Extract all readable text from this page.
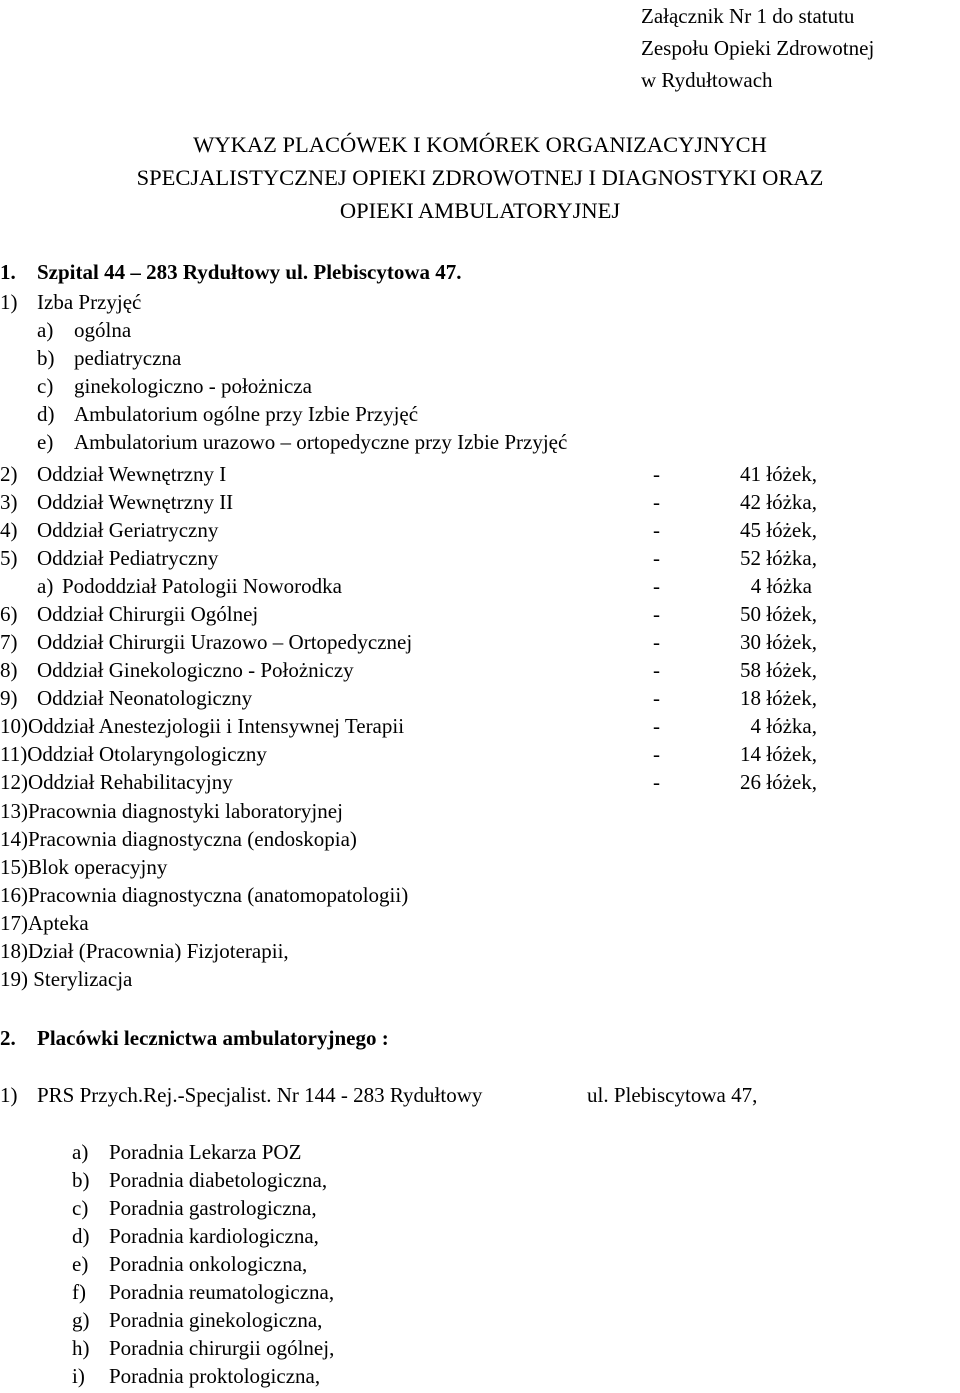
Załącznik Nr 1 do statutu
Zespołu Opieki Zdrowotnej
w Rydułtowach
WYKAZ PLACÓWEK I KOMÓREK ORGANIZACYJNYCH
SPECJALISTYCZNEJ OPIEKI ZDROWOTNEJ I DIAGNOSTYKI ORAZ
OPIEKI AMBULATORYJNEJ
1. Szpital 44 – 283 Rydułtowy ul. Plebiscytowa 47.
1) Izba Przyjęć
a) ogólna
b) pediatryczna
c) ginekologiczno - położnicza
d) Ambulatorium ogólne przy Izbie Przyjęć
e) Ambulatorium urazowo – ortopedyczne przy Izbie Przyjęć
2) Oddział Wewnętrzny I	-	41 łóżek,
3) Oddział Wewnętrzny II	-	42 łóżka,
4) Oddział Geriatryczny	-	45 łóżek,
5) Oddział Pediatryczny	-	52 łóżka,
a) Pododdział Patologii Noworodka	-	4 łóżka
6) Oddział Chirurgii Ogólnej	-	50 łóżek,
7) Oddział Chirurgii Urazowo – Ortopedycznej	-	30 łóżek,
8) Oddział Ginekologiczno - Położniczy	-	58 łóżek,
9) Oddział Neonatologiczny	-	18 łóżek,
10)Oddział Anestezjologii i Intensywnej Terapii	-	4 łóżka,
11)Oddział Otolaryngologiczny	-	14 łóżek,
12)Oddział Rehabilitacyjny	-	26 łóżek,
13)Pracownia diagnostyki laboratoryjnej
14)Pracownia diagnostyczna (endoskopia)
15)Blok operacyjny
16)Pracownia diagnostyczna (anatomopatologii)
17)Apteka
18)Dział (Pracownia) Fizjoterapii,
19) Sterylizacja
2. Placówki lecznictwa ambulatoryjnego :
1) PRS Przych.Rej.-Specjalist. Nr 144 - 283 Rydułtowy	ul. Plebiscytowa 47,
a) Poradnia Lekarza POZ
b) Poradnia diabetologiczna,
c) Poradnia gastrologiczna,
d) Poradnia kardiologiczna,
e) Poradnia onkologiczna,
f) Poradnia reumatologiczna,
g) Poradnia ginekologiczna,
h) Poradnia chirurgii ogólnej,
i) Poradnia proktologiczna,
